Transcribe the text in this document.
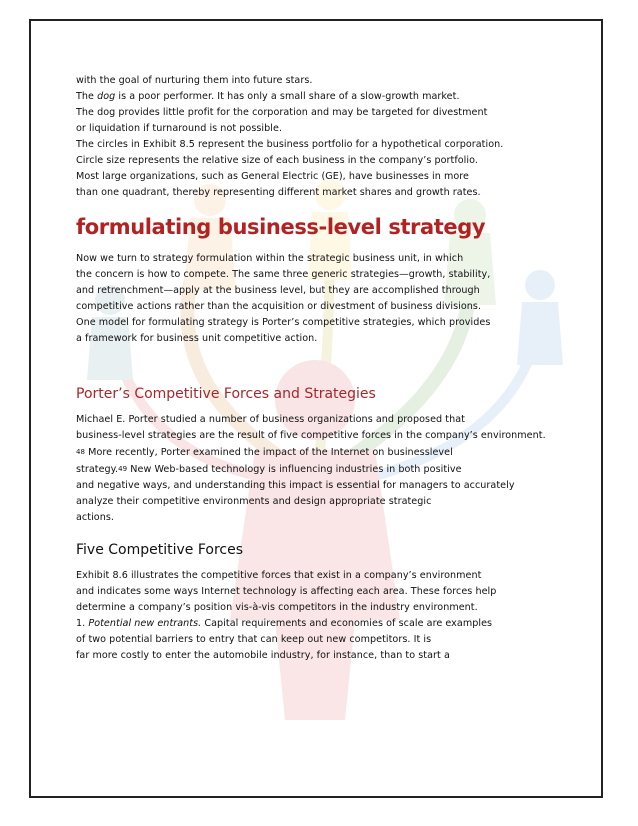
with the goal of nurturing them into future stars.
The dog is a poor performer. It has only a small share of a slow-growth market.
The dog provides little profit for the corporation and may be targeted for divestment
or liquidation if turnaround is not possible.
The circles in Exhibit 8.5 represent the business portfolio for a hypothetical corporation.
Circle size represents the relative size of each business in the company’s portfolio.
Most large organizations, such as General Electric (GE), have businesses in more
than one quadrant, thereby representing different market shares and growth rates.
formulating business-level strategy
Now we turn to strategy formulation within the strategic business unit, in which
the concern is how to compete. The same three generic strategies—growth, stability,
and retrenchment—apply at the business level, but they are accomplished through
competitive actions rather than the acquisition or divestment of business divisions.
One model for formulating strategy is Porter’s competitive strategies, which provides
a framework for business unit competitive action.
Porter’s Competitive Forces and Strategies
Michael E. Porter studied a number of business organizations and proposed that
business-level strategies are the result of five competitive forces in the company’s environment.
48 More recently, Porter examined the impact of the Internet on businesslevel
strategy.49 New Web-based technology is influencing industries in both positive
and negative ways, and understanding this impact is essential for managers to accurately
analyze their competitive environments and design appropriate strategic
actions.
Five Competitive Forces
Exhibit 8.6 illustrates the competitive forces that exist in a company’s environment
and indicates some ways Internet technology is affecting each area. These forces help
determine a company’s position vis-à-vis competitors in the industry environment.
1. Potential new entrants. Capital requirements and economies of scale are examples
of two potential barriers to entry that can keep out new competitors. It is
far more costly to enter the automobile industry, for instance, than to start a
